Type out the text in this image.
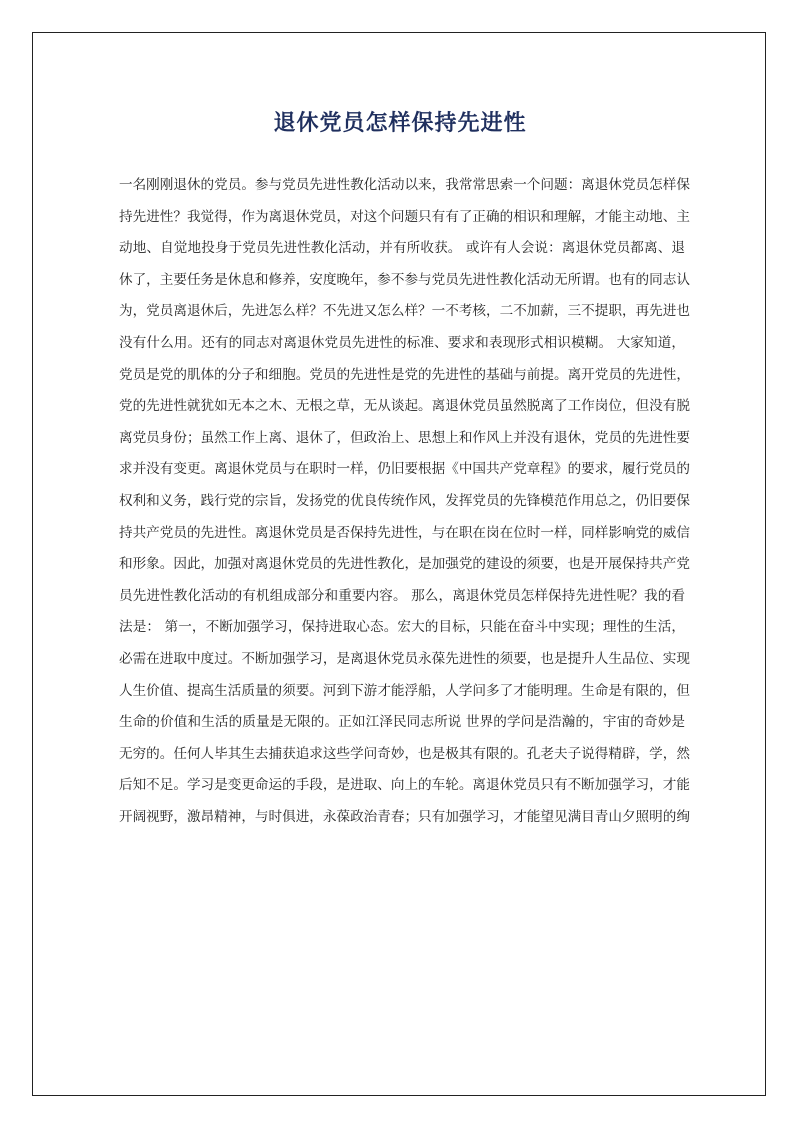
退休党员怎样保持先进性
一名刚刚退休的党员。参与党员先进性教化活动以来，我常常思索一个问题：离退休党员怎样保
持先进性？我觉得，作为离退休党员，对这个问题只有有了正确的相识和理解，才能主动地、主
动地、自觉地投身于党员先进性教化活动，并有所收获。 或许有人会说：离退休党员都离、退
休了，主要任务是休息和修养，安度晚年，参不参与党员先进性教化活动无所谓。也有的同志认
为，党员离退休后，先进怎么样？不先进又怎么样？一不考核，二不加薪，三不提职，再先进也
没有什么用。还有的同志对离退休党员先进性的标准、要求和表现形式相识模糊。 大家知道，
党员是党的肌体的分子和细胞。党员的先进性是党的先进性的基础与前提。离开党员的先进性，
党的先进性就犹如无本之木、无根之草，无从谈起。离退休党员虽然脱离了工作岗位，但没有脱
离党员身份；虽然工作上离、退休了，但政治上、思想上和作风上并没有退休，党员的先进性要
求并没有变更。离退休党员与在职时一样，仍旧要根据《中国共产党章程》的要求，履行党员的
权利和义务，践行党的宗旨，发扬党的优良传统作风，发挥党员的先锋模范作用总之，仍旧要保
持共产党员的先进性。离退休党员是否保持先进性，与在职在岗在位时一样，同样影响党的威信
和形象。因此，加强对离退休党员的先进性教化，是加强党的建设的须要，也是开展保持共产党
员先进性教化活动的有机组成部分和重要内容。 那么，离退休党员怎样保持先进性呢？我的看
法是： 第一，不断加强学习，保持进取心态。宏大的目标，只能在奋斗中实现；理性的生活，
必需在进取中度过。不断加强学习，是离退休党员永葆先进性的须要，也是提升人生品位、实现
人生价值、提高生活质量的须要。河到下游才能浮船，人学问多了才能明理。生命是有限的，但
生命的价值和生活的质量是无限的。正如江泽民同志所说 世界的学问是浩瀚的，宇宙的奇妙是
无穷的。任何人毕其生去捕获追求这些学问奇妙，也是极其有限的。孔老夫子说得精辟，学，然
后知不足。学习是变更命运的手段，是进取、向上的车轮。离退休党员只有不断加强学习，才能
开阔视野，激昂精神，与时俱进，永葆政治青春；只有加强学习，才能望见满目青山夕照明的绚
